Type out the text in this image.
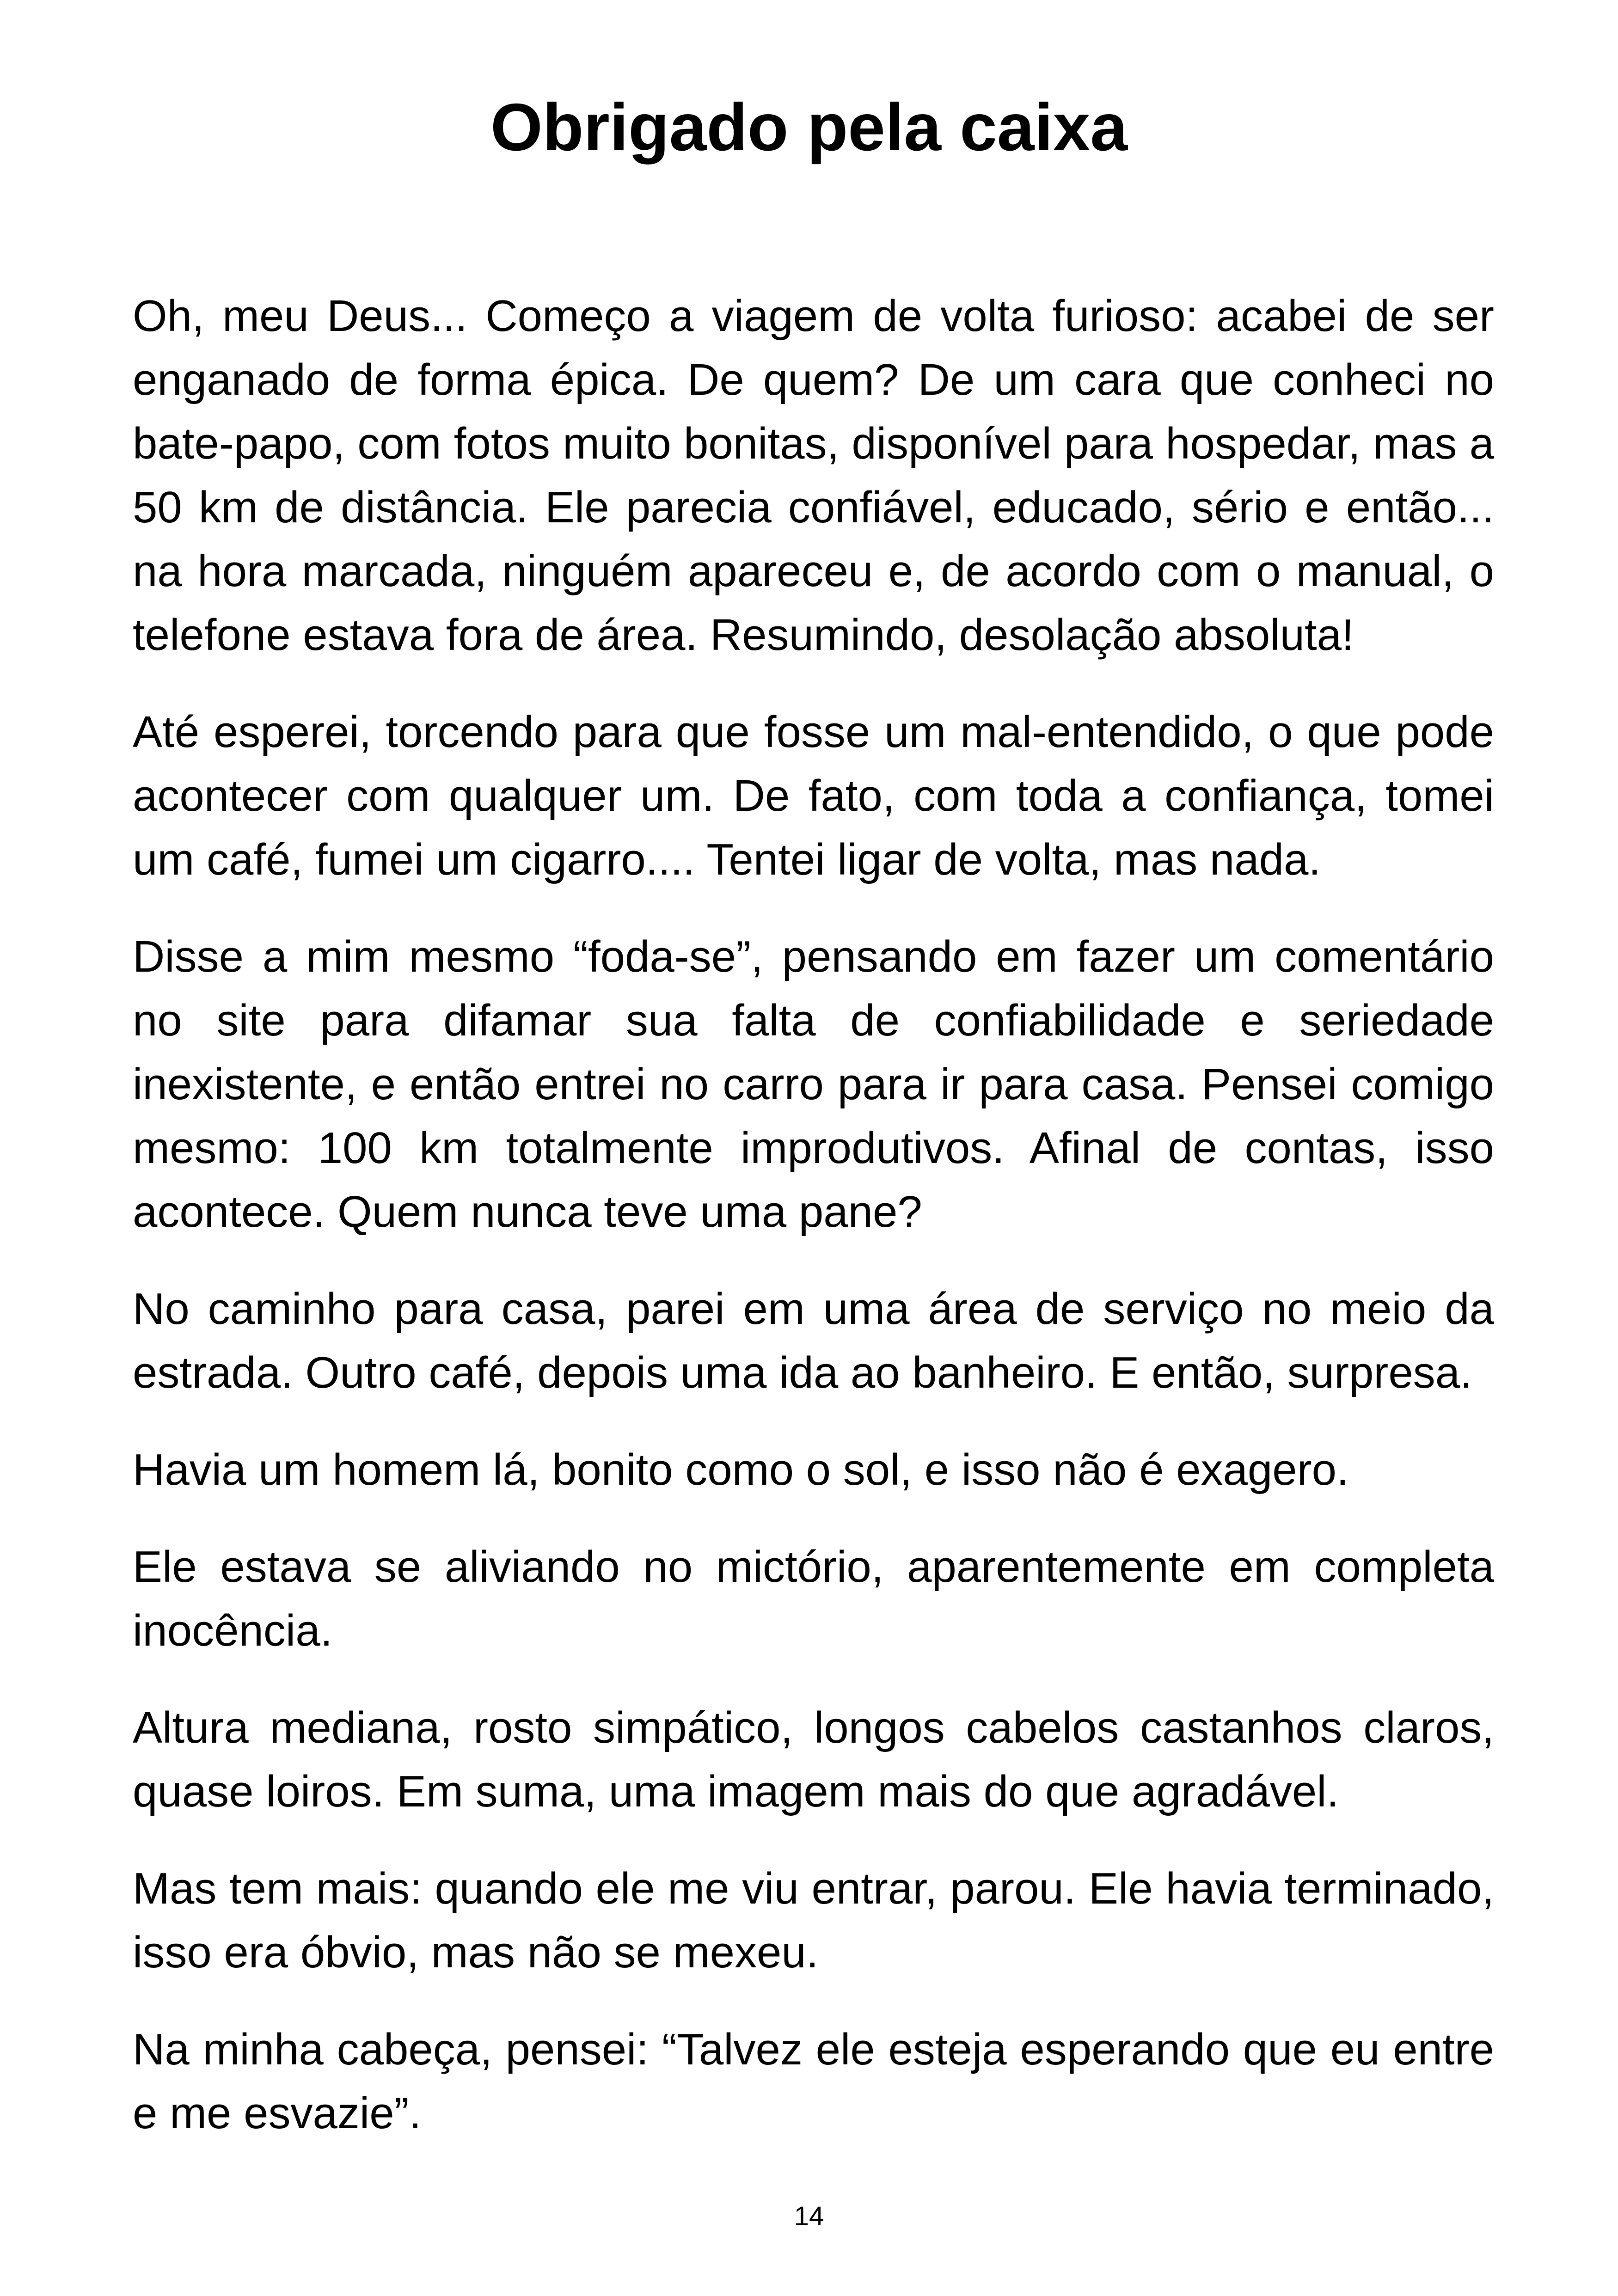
Obrigado pela caixa

Oh, meu Deus... Começo a viagem de volta furioso: acabei de ser enganado de forma épica. De quem? De um cara que conheci no bate-papo, com fotos muito bonitas, disponível para hospedar, mas a 50 km de distância. Ele parecia confiável, educado, sério e então... na hora marcada, ninguém apareceu e, de acordo com o manual, o telefone estava fora de área. Resumindo, desolação absoluta!

Até esperei, torcendo para que fosse um mal-entendido, o que pode acontecer com qualquer um. De fato, com toda a confiança, tomei um café, fumei um cigarro.... Tentei ligar de volta, mas nada.

Disse a mim mesmo “foda-se”, pensando em fazer um comentário no site para difamar sua falta de confiabilidade e seriedade inexistente, e então entrei no carro para ir para casa. Pensei comigo mesmo: 100 km totalmente improdutivos. Afinal de contas, isso acontece. Quem nunca teve uma pane?

No caminho para casa, parei em uma área de serviço no meio da estrada. Outro café, depois uma ida ao banheiro. E então, surpresa.

Havia um homem lá, bonito como o sol, e isso não é exagero.

Ele estava se aliviando no mictório, aparentemente em completa inocência.

Altura mediana, rosto simpático, longos cabelos castanhos claros, quase loiros. Em suma, uma imagem mais do que agradável.

Mas tem mais: quando ele me viu entrar, parou. Ele havia terminado, isso era óbvio, mas não se mexeu.

Na minha cabeça, pensei: “Talvez ele esteja esperando que eu entre e me esvazie”.

14
